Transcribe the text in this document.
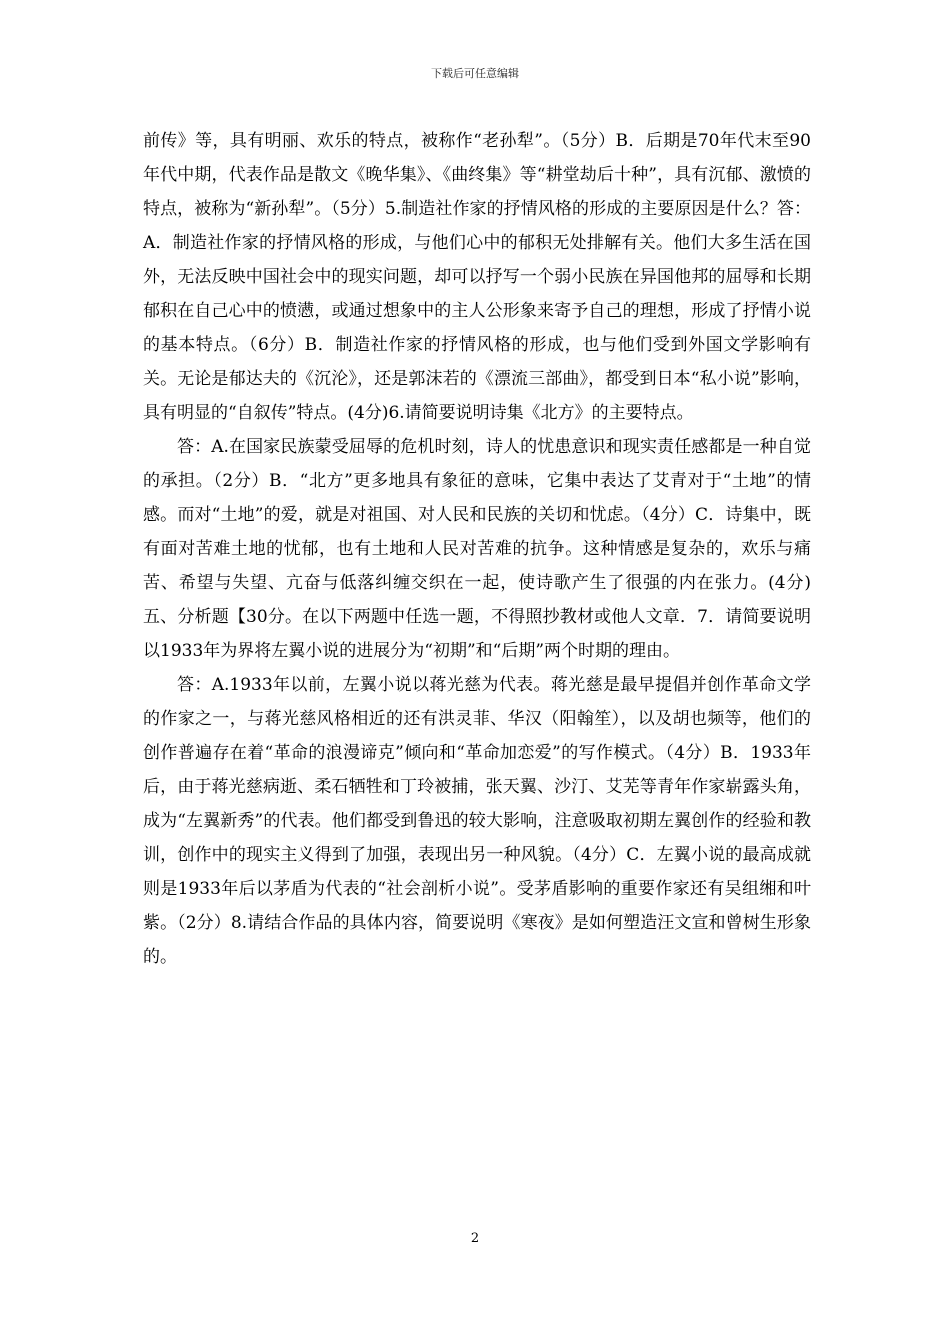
下载后可任意编辑

前传》等，具有明丽、欢乐的特点，被称作“老孙犁”。（5分）B．后期是70年代末至90年代中期，代表作品是散文《晚华集》、《曲终集》等“耕堂劫后十种”，具有沉郁、激愤的特点，被称为“新孙犁”。（5分）5.制造社作家的抒情风格的形成的主要原因是什么？答：A．制造社作家的抒情风格的形成，与他们心中的郁积无处排解有关。他们大多生活在国外，无法反映中国社会中的现实问题，却可以抒写一个弱小民族在异国他邦的屈辱和长期郁积在自己心中的愤懑，或通过想象中的主人公形象来寄予自己的理想，形成了抒情小说的基本特点。（6分）B．制造社作家的抒情风格的形成，也与他们受到外国文学影响有关。无论是郁达夫的《沉沦》，还是郭沫若的《漂流三部曲》，都受到日本“私小说”影响，具有明显的“自叙传”特点。(4分)6.请简要说明诗集《北方》的主要特点。

答：A.在国家民族蒙受屈辱的危机时刻，诗人的忧患意识和现实责任感都是一种自觉的承担。（2分）B．“北方”更多地具有象征的意味，它集中表达了艾青对于“土地”的情感。而对“土地”的爱，就是对祖国、对人民和民族的关切和忧虑。（4分）C．诗集中，既有面对苦难土地的忧郁，也有土地和人民对苦难的抗争。这种情感是复杂的，欢乐与痛苦、希望与失望、亢奋与低落纠缠交织在一起，使诗歌产生了很强的内在张力。(4分)五、分析题【30分。在以下两题中任选一题，不得照抄教材或他人文章．7．请简要说明以1933年为界将左翼小说的进展分为“初期”和“后期”两个时期的理由。

答：A.1933年以前，左翼小说以蒋光慈为代表。蒋光慈是最早提倡并创作革命文学的作家之一，与蒋光慈风格相近的还有洪灵菲、华汉（阳翰笙），以及胡也频等，他们的创作普遍存在着“革命的浪漫谛克”倾向和“革命加恋爱”的写作模式。（4分）B．1933年后，由于蒋光慈病逝、柔石牺牲和丁玲被捕，张天翼、沙汀、艾芜等青年作家崭露头角，成为“左翼新秀”的代表。他们都受到鲁迅的较大影响，注意吸取初期左翼创作的经验和教训，创作中的现实主义得到了加强，表现出另一种风貌。（4分）C．左翼小说的最高成就则是1933年后以茅盾为代表的“社会剖析小说”。受茅盾影响的重要作家还有吴组缃和叶紫。（2分）8.请结合作品的具体内容，简要说明《寒夜》是如何塑造汪文宣和曾树生形象的。

2
